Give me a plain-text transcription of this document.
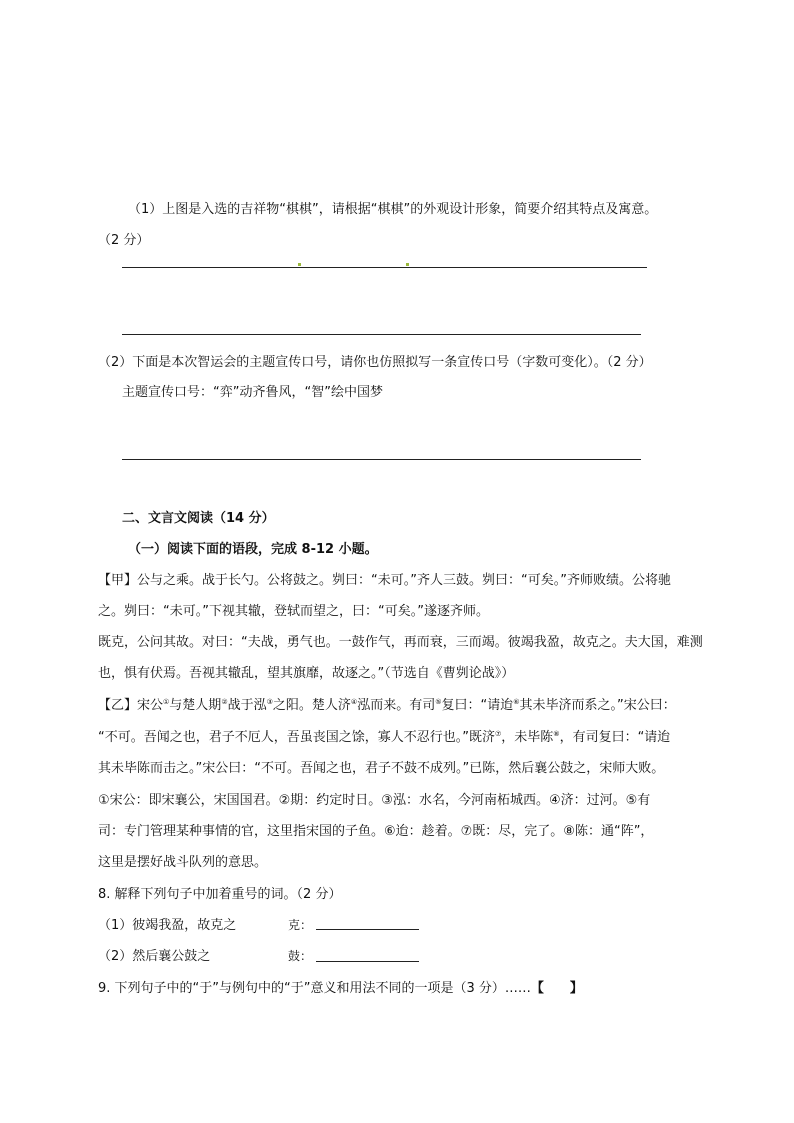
（1）上图是入选的吉祥物“棋棋”，请根据“棋棋”的外观设计形象，简要介绍其特点及寓意。
（2 分）
（2）下面是本次智运会的主题宣传口号，请你也仿照拟写一条宣传口号（字数可变化）。（2 分）
主题宣传口号：“弈”动齐鲁风，“智”绘中国梦
二、文言文阅读（14 分）
（一）阅读下面的语段，完成 8-12 小题。
【甲】公与之乘。战于长勺。公将鼓之。刿曰：“未可。”齐人三鼓。刿曰：“可矣。”齐师败绩。公将驰
之。刿曰：“未可。”下视其辙，登轼而望之，曰：“可矣。”遂逐齐师。
既克，公问其故。对曰：“夫战，勇气也。一鼓作气，再而衰，三而竭。彼竭我盈，故克之。夫大国，难测
也，惧有伏焉。吾视其辙乱，望其旗靡，故逐之。”（节选自《曹刿论战》）
【乙】宋公①与楚人期②战于泓③之阳。楚人济④泓而来。有司⑤复曰：“请迨⑥其未毕济而系之。”宋公曰：
“不可。吾闻之也，君子不厄人，吾虽丧国之馀，寡人不忍行也。”既济⑦，未毕陈⑧，有司复曰：“请迨
其未毕陈而击之。”宋公曰：“不可。吾闻之也，君子不鼓不成列。”已陈，然后襄公鼓之，宋师大败。
①宋公：即宋襄公，宋国国君。②期：约定时日。③泓：水名，今河南柘城西。④济：过河。⑤有
司：专门管理某种事情的官，这里指宋国的子鱼。⑥迨：趁着。⑦既：尽，完了。⑧陈：通“阵”，
这里是摆好战斗队列的意思。
8. 解释下列句子中加着重号的词。（2 分）
（1）彼竭我盈，故克之	克：
（2）然后襄公鼓之	鼓：
9. 下列句子中的“于”与例句中的“于”意义和用法不同的一项是（3 分）……【　　】
